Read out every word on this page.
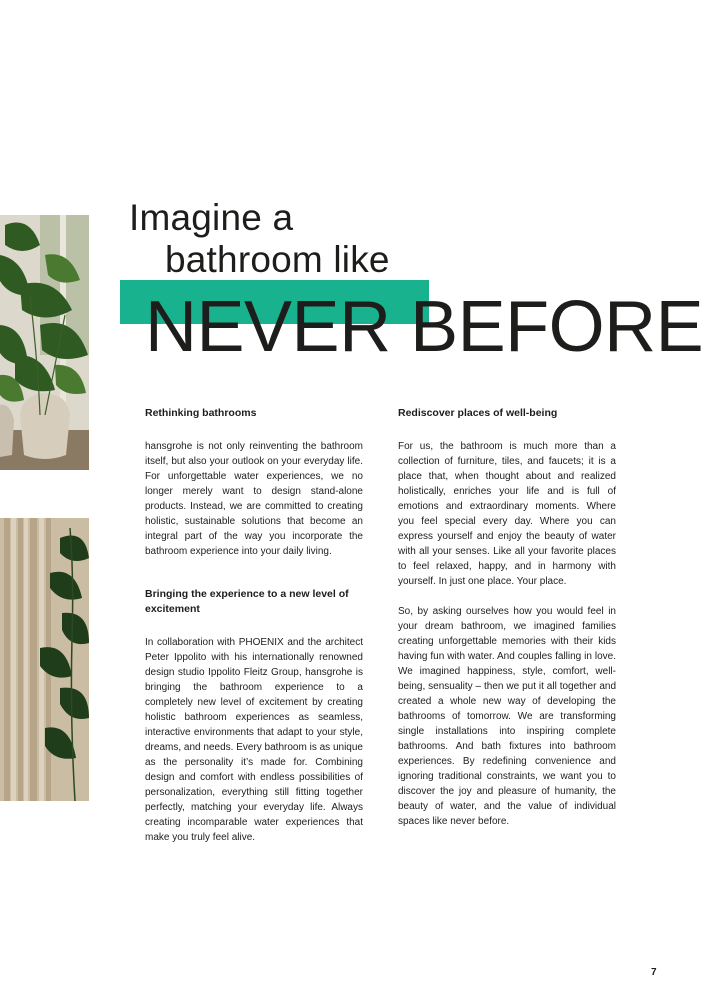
Imagine a
bathroom like
NEVER BEFORE
Rethinking bathrooms

hansgrohe is not only reinventing the bathroom itself, but also your outlook on your everyday life. For unforgettable water experiences, we no longer merely want to design stand-alone products. Instead, we are committed to creating holistic, sustainable solutions that become an integral part of the way you incorporate the bathroom experience into your daily living.

Bringing the experience to a new level of excitement

In collaboration with PHOENIX and the architect Peter Ippolito with his internationally renowned design studio Ippolito Fleitz Group, hansgrohe is bringing the bathroom experience to a completely new level of excitement by creating holistic bathroom experiences as seamless, interactive environments that adapt to your style, dreams, and needs. Every bathroom is as unique as the personality it’s made for. Combining design and comfort with endless possibilities of personalization, everything still fitting together perfectly, matching your everyday life. Always creating incomparable water experiences that make you truly feel alive.

Rediscover places of well-being

For us, the bathroom is much more than a collection of furniture, tiles, and faucets; it is a place that, when thought about and realized holistically, enriches your life and is full of emotions and extraordinary moments. Where you feel special every day. Where you can express yourself and enjoy the beauty of water with all your senses. Like all your favorite places to feel relaxed, happy, and in harmony with yourself. In just one place. Your place.

So, by asking ourselves how you would feel in your dream bathroom, we imagined families creating unforgettable memories with their kids having fun with water. And couples falling in love. We imagined happiness, style, comfort, well-being, sensuality – then we put it all together and created a whole new way of developing the bathrooms of tomorrow. We are transforming single installations into inspiring complete bathrooms. And bath fixtures into bathroom experiences. By redefining convenience and ignoring traditional constraints, we want you to discover the joy and pleasure of humanity, the beauty of water, and the value of individual spaces like never before.

7
